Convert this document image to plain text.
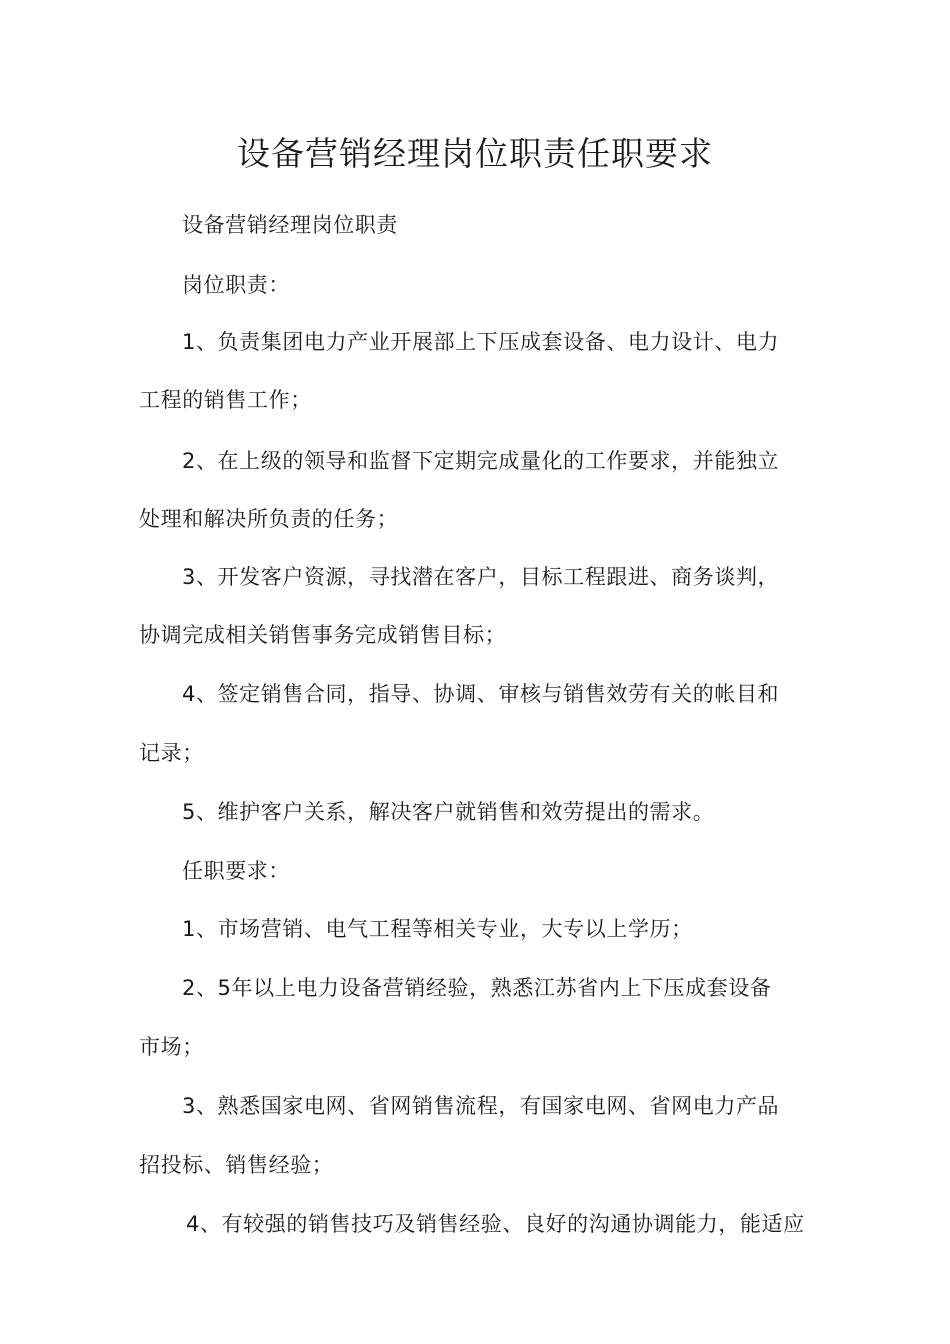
设备营销经理岗位职责任职要求
设备营销经理岗位职责
岗位职责：
1、负责集团电力产业开展部上下压成套设备、电力设计、电力
工程的销售工作；
2、在上级的领导和监督下定期完成量化的工作要求，并能独立
处理和解决所负责的任务；
3、开发客户资源，寻找潜在客户，目标工程跟进、商务谈判，
协调完成相关销售事务完成销售目标；
4、签定销售合同，指导、协调、审核与销售效劳有关的帐目和
记录；
5、维护客户关系，解决客户就销售和效劳提出的需求。
任职要求：
1、市场营销、电气工程等相关专业，大专以上学历；
2、5年以上电力设备营销经验，熟悉江苏省内上下压成套设备
市场；
3、熟悉国家电网、省网销售流程，有国家电网、省网电力产品
招投标、销售经验；
4、有较强的销售技巧及销售经验、良好的沟通协调能力，能适应
